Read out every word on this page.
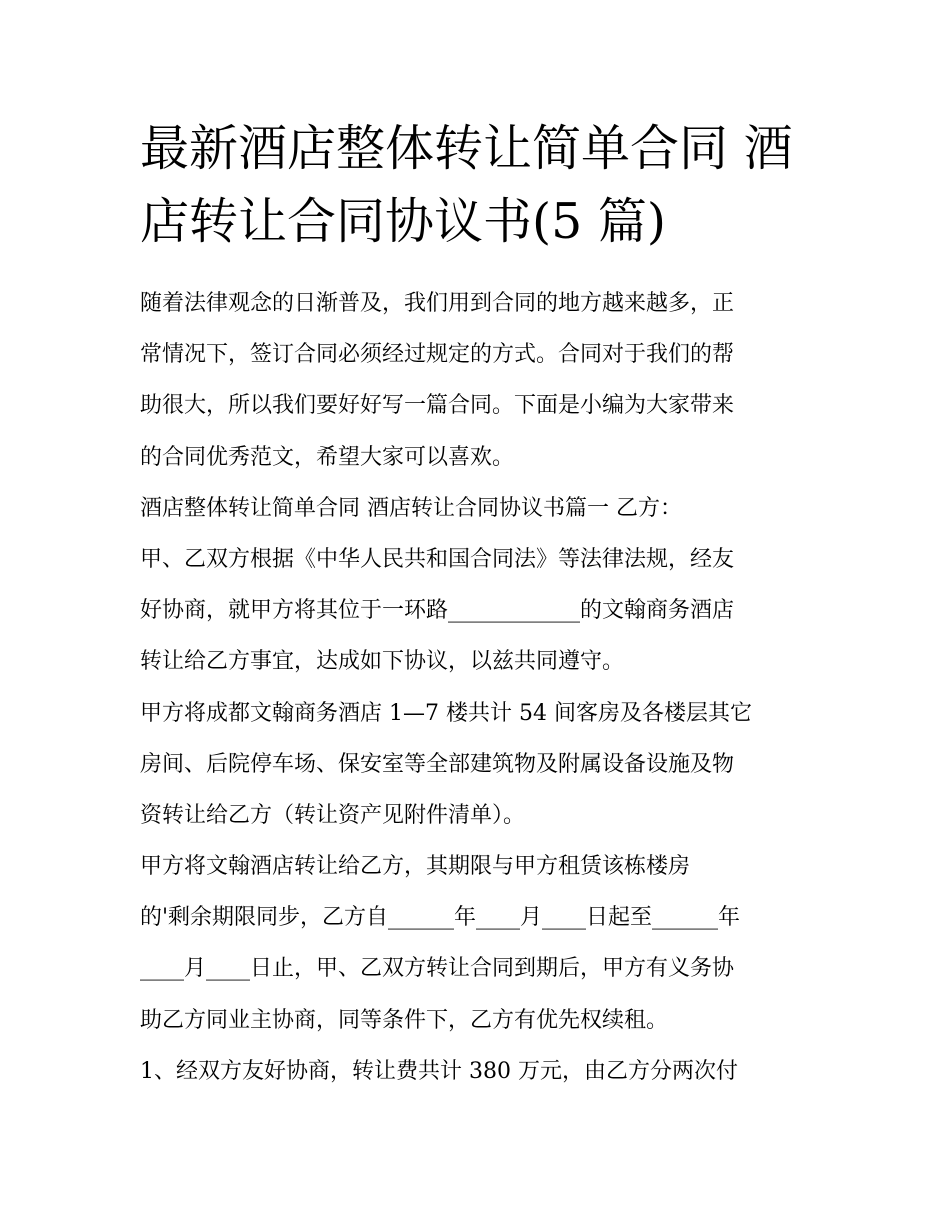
最新酒店整体转让简单合同 酒
店转让合同协议书(5 篇)
随着法律观念的日渐普及，我们用到合同的地方越来越多，正
常情况下，签订合同必须经过规定的方式。合同对于我们的帮
助很大，所以我们要好好写一篇合同。下面是小编为大家带来
的合同优秀范文，希望大家可以喜欢。
酒店整体转让简单合同 酒店转让合同协议书篇一 乙方：
甲、乙双方根据《中华人民共和国合同法》等法律法规，经友
好协商，就甲方将其位于一环路____________的文翰商务酒店
转让给乙方事宜，达成如下协议，以兹共同遵守。
甲方将成都文翰商务酒店 1—7 楼共计 54 间客房及各楼层其它
房间、后院停车场、保安室等全部建筑物及附属设备设施及物
资转让给乙方（转让资产见附件清单）。
甲方将文翰酒店转让给乙方，其期限与甲方租赁该栋楼房
的'剩余期限同步，乙方自______年____月____日起至______年
____月____日止，甲、乙双方转让合同到期后，甲方有义务协
助乙方同业主协商，同等条件下，乙方有优先权续租。
1、经双方友好协商，转让费共计 380 万元，由乙方分两次付
